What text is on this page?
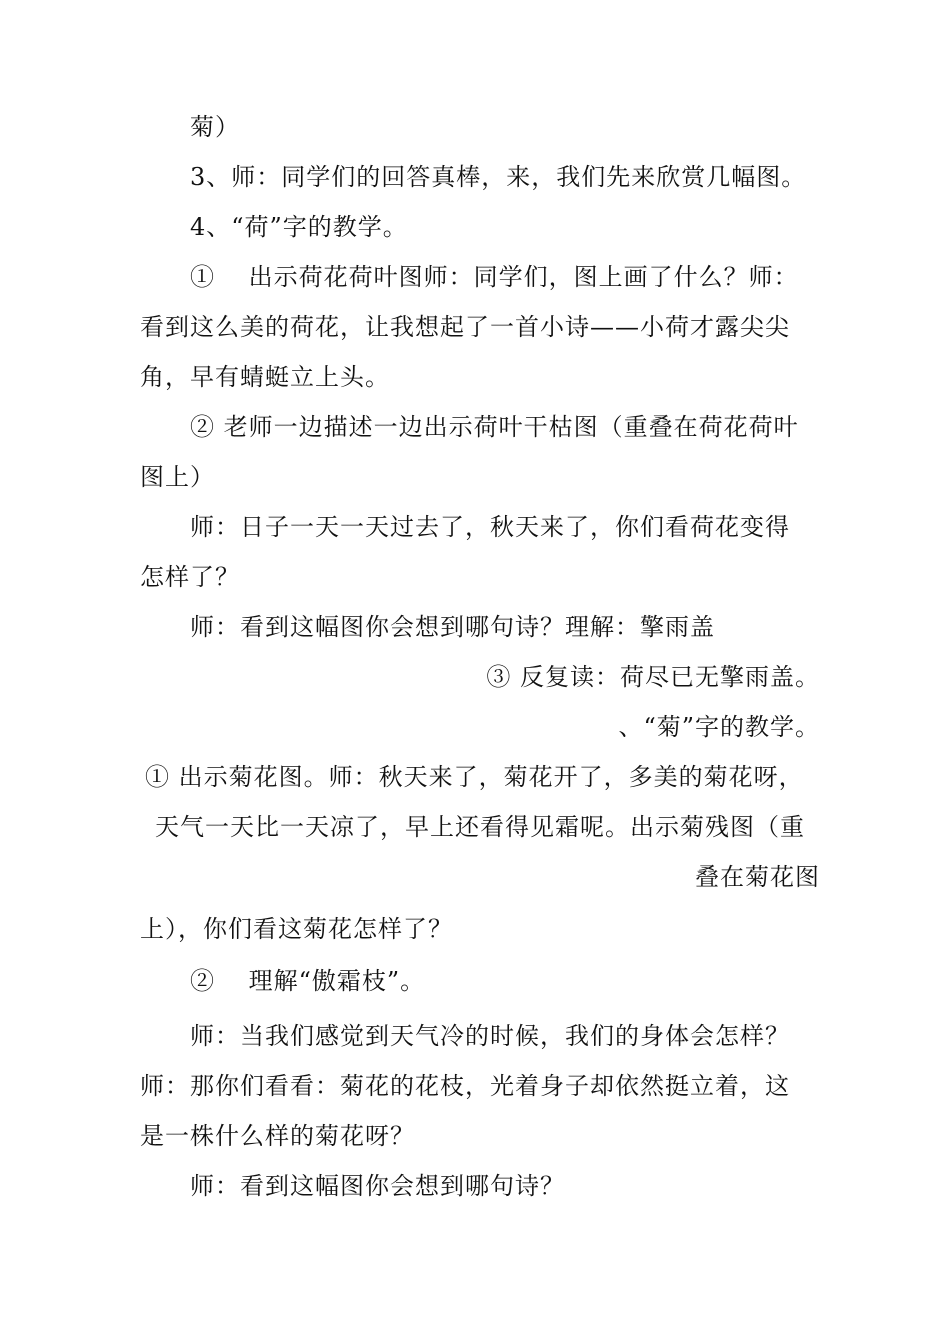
菊）
3、师：同学们的回答真棒，来，我们先来欣赏几幅图。
4、“荷”字的教学。
①　 出示荷花荷叶图师：同学们，图上画了什么？师：
看到这么美的荷花，让我想起了一首小诗——小荷才露尖尖
角，早有蜻蜓立上头。
② 老师一边描述一边出示荷叶干枯图（重叠在荷花荷叶
图上）
师：日子一天一天过去了，秋天来了，你们看荷花变得
怎样了？
师：看到这幅图你会想到哪句诗？理解：擎雨盖
③ 反复读：荷尽已无擎雨盖。
、“菊”字的教学。
① 出示菊花图。师：秋天来了，菊花开了，多美的菊花呀，
天气一天比一天凉了，早上还看得见霜呢。出示菊残图（重
叠在菊花图
上），你们看这菊花怎样了？
②　 理解“傲霜枝”。
师：当我们感觉到天气冷的时候，我们的身体会怎样？
师：那你们看看：菊花的花枝，光着身子却依然挺立着，这
是一株什么样的菊花呀？
师：看到这幅图你会想到哪句诗？
